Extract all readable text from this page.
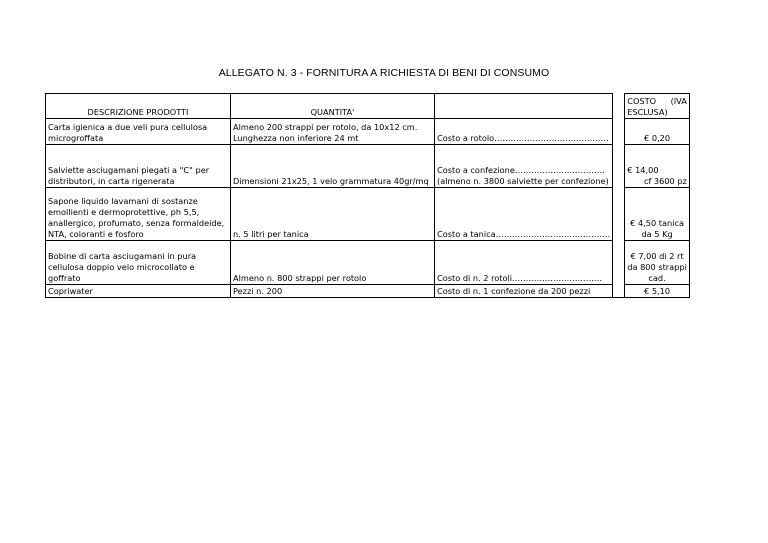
ALLEGATO N. 3 - FORNITURA A RICHIESTA DI BENI DI CONSUMO
DESCRIZIONE PRODOTTI	QUANTITA'			COSTO (IVA
ESCLUSA)

Carta igienica a due veli pura cellulosa
microgroffata	Almeno 200 strappi per rotolo, da 10x12 cm.
Lunghezza non inferiore 24 mt	Costo a rotolo……………………………………		€ 0,20

Salviette asciugamani piegati a "C" per
distributori, in carta rigenerata	Dimensioni 21x25, 1 velo grammatura 40gr/mq	Costo a confezione……………………………
(almeno n. 3800 salviette per confezione)		€ 14,00
cf 3600 pz

Sapone liquido lavamani di sostanze
emollienti e dermoprotettive, ph 5,5,
anallergico, profumato, senza formaldeide,
NTA, coloranti e fosforo	n. 5 litri per tanica	Costo a tanica……………………………………		€ 4,50 tanica
da 5 Kg

Bobine di carta asciugamani in pura
cellulosa doppio velo microcollato e
goffrato	Almeno n. 800 strappi per rotolo	Costo di n. 2 rotoli……………………………		€ 7,00 di 2 rt
da 800 strappi
cad.

Copriwater	Pezzi n. 200	Costo di n. 1 confezione da 200 pezzi		€ 5,10
